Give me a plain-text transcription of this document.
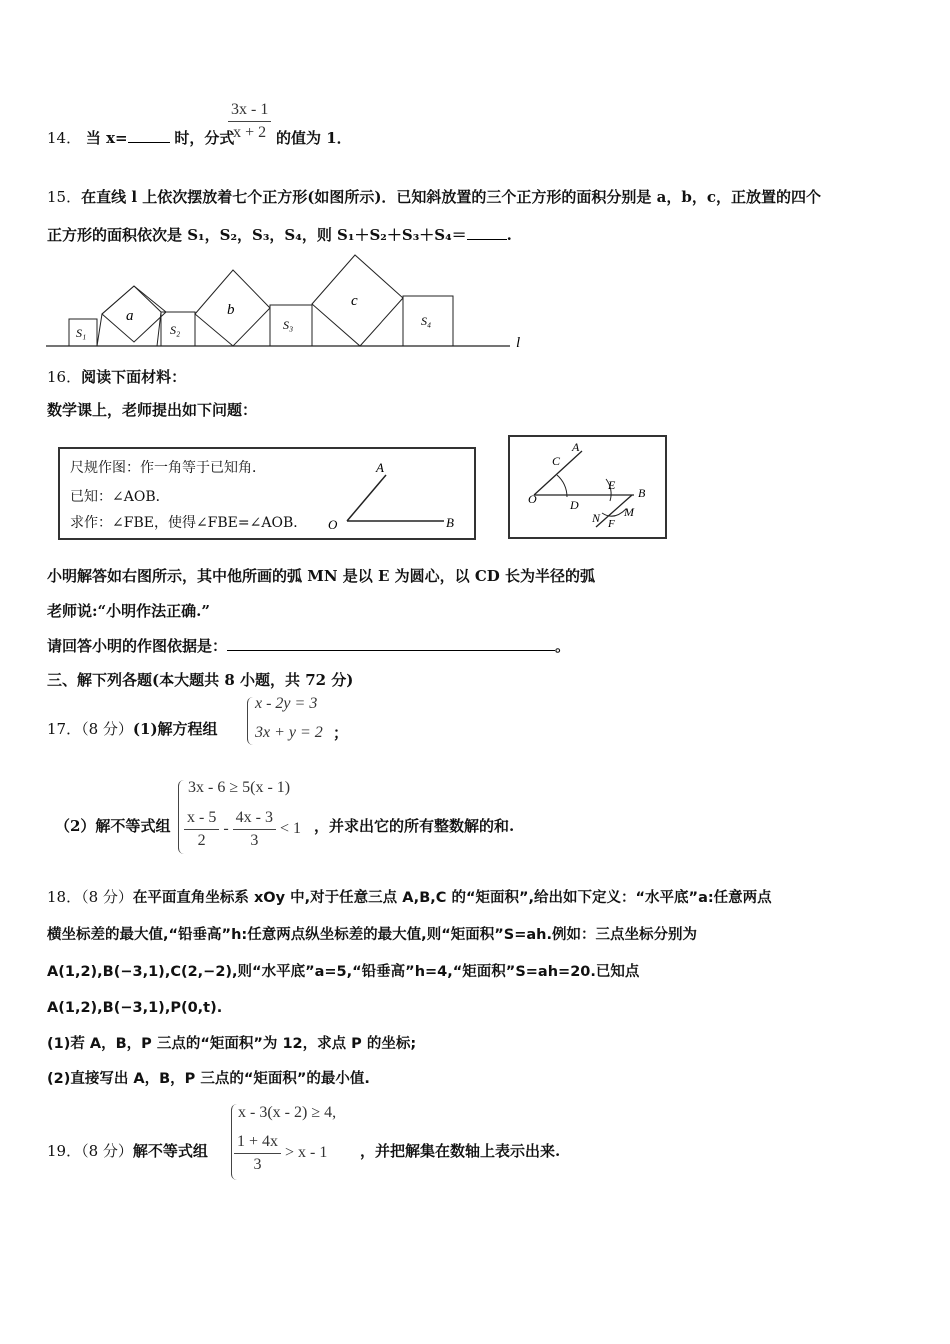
14． 当 x=	时，分式
$\frac{3x - 1}{x + 2}$ 的值为 1．
15．在直线 l 上依次摆放着七个正方形(如图所示)．已知斜放置的三个正方形的面积分别是 a，b，c，正放置的四个
正方形的面积依次是 S₁，S₂，S₃，S₄，则 S₁＋S₂＋S₃＋S₄＝	.
S₁
a
S₂
b
S₃
c
S₄
l
16．阅读下面材料：
数学课上，老师提出如下问题：
尺规作图：作一角等于已知角．
已知：∠AOB．
求作：∠FBE，使得∠FBE=∠AOB．
A
O	B
A
C
O	D
E
B
N M
F
小明解答如右图所示，其中他所画的弧 MN 是以 E 为圆心，以 CD 长为半径的弧
老师说:“小明作法正确.”
请回答小明的作图依据是：	。
三、解下列各题(本大题共 8 小题，共 72 分)
17．（8 分）(1)解方程组
x - 2y = 3
3x + y = 2 ；
（2）解不等式组
3x - 6 ≥ 5(x - 1)
$\frac{x - 5}{2} - \frac{4x - 3}{3} < 1$ ，并求出它的所有整数解的和.
18．（8 分）在平面直角坐标系 xOy 中,对于任意三点 A,B,C 的“矩面积”,给出如下定义：“水平底”a:任意两点
横坐标差的最大值,“铅垂高”h:任意两点纵坐标差的最大值,则“矩面积”S=ah.例如：三点坐标分别为
A(1,2),B(−3,1),C(2,−2),则“水平底”a=5,“铅垂高”h=4,“矩面积”S=ah=20.已知点
A(1,2),B(−3,1),P(0,t).
(1)若 A，B，P 三点的“矩面积”为 12，求点 P 的坐标;
(2)直接写出 A，B，P 三点的“矩面积”的最小值.
19．（8 分）解不等式组
x - 3(x - 2) ≥ 4,
$\frac{1 + 4x}{3} > x - 1$ ，并把解集在数轴上表示出来.
